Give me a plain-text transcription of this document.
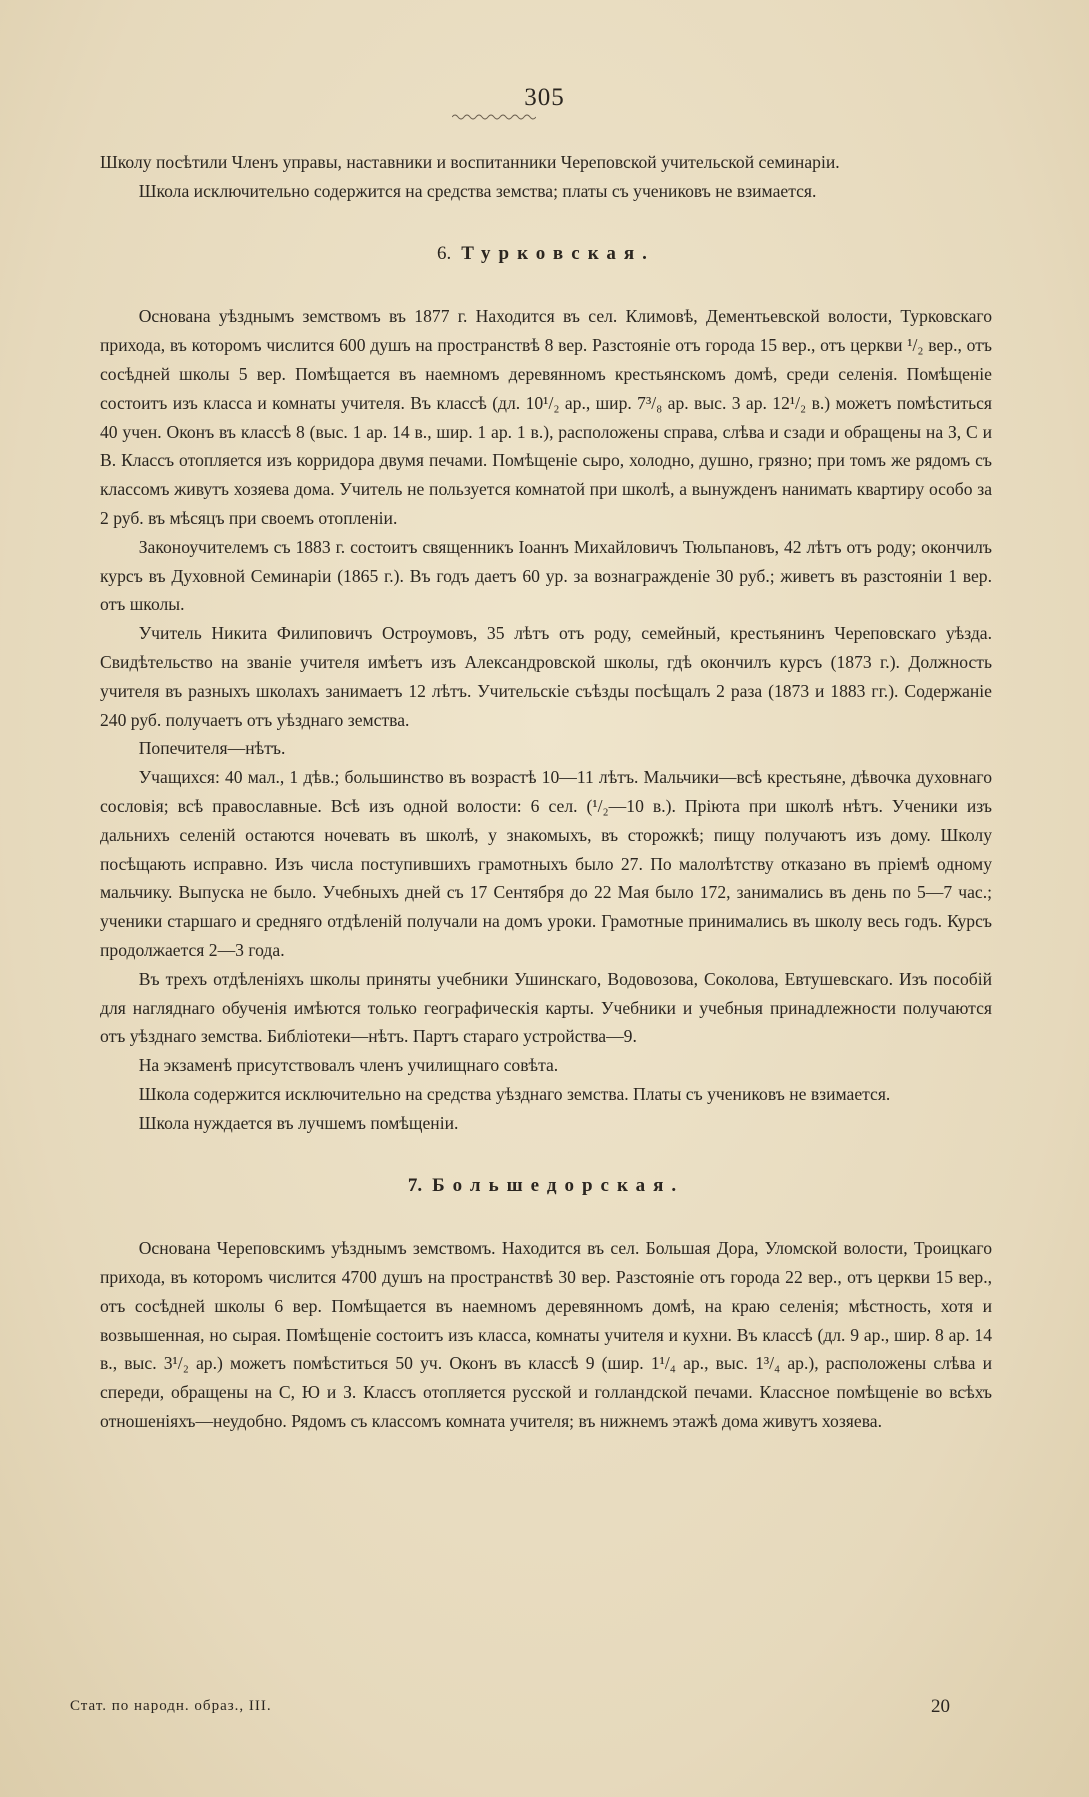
305

Школу посѣтили Членъ управы, наставники и воспитанники Череповской учительской семинаріи.

Школа исключительно содержится на средства земства; платы съ учениковъ не взимается.

6. Турковская.

Основана уѣзднымъ земствомъ въ 1877 г. Находится въ сел. Климовѣ, Дементьевской волости, Турковскаго прихода, въ которомъ числится 600 душъ на пространствѣ 8 вер. Разстояніе отъ города 15 вер., отъ церкви ¹/₂ вер., отъ сосѣдней школы 5 вер. Помѣщается въ наемномъ деревянномъ крестьянскомъ домѣ, среди селенія. Помѣщеніе состоитъ изъ класса и комнаты учителя. Въ классѣ (дл. 10¹/₂ ар., шир. 7³/₈ ар. выс. 3 ар. 12¹/₂ в.) можетъ помѣститься 40 учен. Оконъ въ классѣ 8 (выс. 1 ар. 14 в., шир. 1 ар. 1 в.), расположены справа, слѣва и сзади и обращены на З, С и В. Классъ отопляется изъ корридора двумя печами. Помѣщеніе сыро, холодно, душно, грязно; при томъ же рядомъ съ классомъ живутъ хозяева дома. Учитель не пользуется комнатой при школѣ, а вынужденъ нанимать квартиру особо за 2 руб. въ мѣсяцъ при своемъ отопленіи.

Законоучителемъ съ 1883 г. состоитъ священникъ Іоаннъ Михайловичъ Тюльпановъ, 42 лѣтъ отъ роду; окончилъ курсъ въ Духовной Семинаріи (1865 г.). Въ годъ даетъ 60 ур. за вознагражденіе 30 руб.; живетъ въ разстояніи 1 вер. отъ школы.

Учитель Никита Филиповичъ Остроумовъ, 35 лѣтъ отъ роду, семейный, крестьянинъ Череповскаго уѣзда. Свидѣтельство на званіе учителя имѣетъ изъ Александровской школы, гдѣ окончилъ курсъ (1873 г.). Должность учителя въ разныхъ школахъ занимаетъ 12 лѣтъ. Учительскіе съѣзды посѣщалъ 2 раза (1873 и 1883 гг.). Содержаніе 240 руб. получаетъ отъ уѣзднаго земства.

Попечителя—нѣтъ.

Учащихся: 40 мал., 1 дѣв.; большинство въ возрастѣ 10—11 лѣтъ. Мальчики—всѣ крестьяне, дѣвочка духовнаго сословія; всѣ православные. Всѣ изъ одной волости: 6 сел. (¹/₂—10 в.). Пріюта при школѣ нѣтъ. Ученики изъ дальнихъ селеній остаются ночевать въ школѣ, у знакомыхъ, въ сторожкѣ; пищу получаютъ изъ дому. Школу посѣщають исправно. Изъ числа поступившихъ грамотныхъ было 27. По малолѣтству отказано въ пріемѣ одному мальчику. Выпуска не было. Учебныхъ дней съ 17 Сентября до 22 Мая было 172, занимались въ день по 5—7 час.; ученики старшаго и средняго отдѣленій получали на домъ уроки. Грамотные принимались въ школу весь годъ. Курсъ продолжается 2—3 года.

Въ трехъ отдѣленіяхъ школы приняты учебники Ушинскаго, Водовозова, Соколова, Евтушевскаго. Изъ пособій для нагляднаго обученія имѣются только географическія карты. Учебники и учебныя принадлежности получаются отъ уѣзднаго земства. Библіотеки—нѣтъ. Партъ стараго устройства—9.

На экзаменѣ присутствовалъ членъ училищнаго совѣта.

Школа содержится исключительно на средства уѣзднаго земства. Платы съ учениковъ не взимается.

Школа нуждается въ лучшемъ помѣщеніи.

7. Большедорская.

Основана Череповскимъ уѣзднымъ земствомъ. Находится въ сел. Большая Дора, Уломской волости, Троицкаго прихода, въ которомъ числится 4700 душъ на пространствѣ 30 вер. Разстояніе отъ города 22 вер., отъ церкви 15 вер., отъ сосѣдней школы 6 вер. Помѣщается въ наемномъ деревянномъ домѣ, на краю селенія; мѣстность, хотя и возвышенная, но сырая. Помѣщеніе состоитъ изъ класса, комнаты учителя и кухни. Въ классѣ (дл. 9 ар., шир. 8 ар. 14 в., выс. 3¹/₂ ар.) можетъ помѣститься 50 уч. Оконъ въ классѣ 9 (шир. 1¹/₄ ар., выс. 1³/₄ ар.), расположены слѣва и спереди, обращены на С, Ю и З. Классъ отопляется русской и голландской печами. Классное помѣщеніе во всѣхъ отношеніяхъ—неудобно. Рядомъ съ классомъ комната учителя; въ нижнемъ этажѣ дома живутъ хозяева.

Стат. по народн. образ., III.	20
